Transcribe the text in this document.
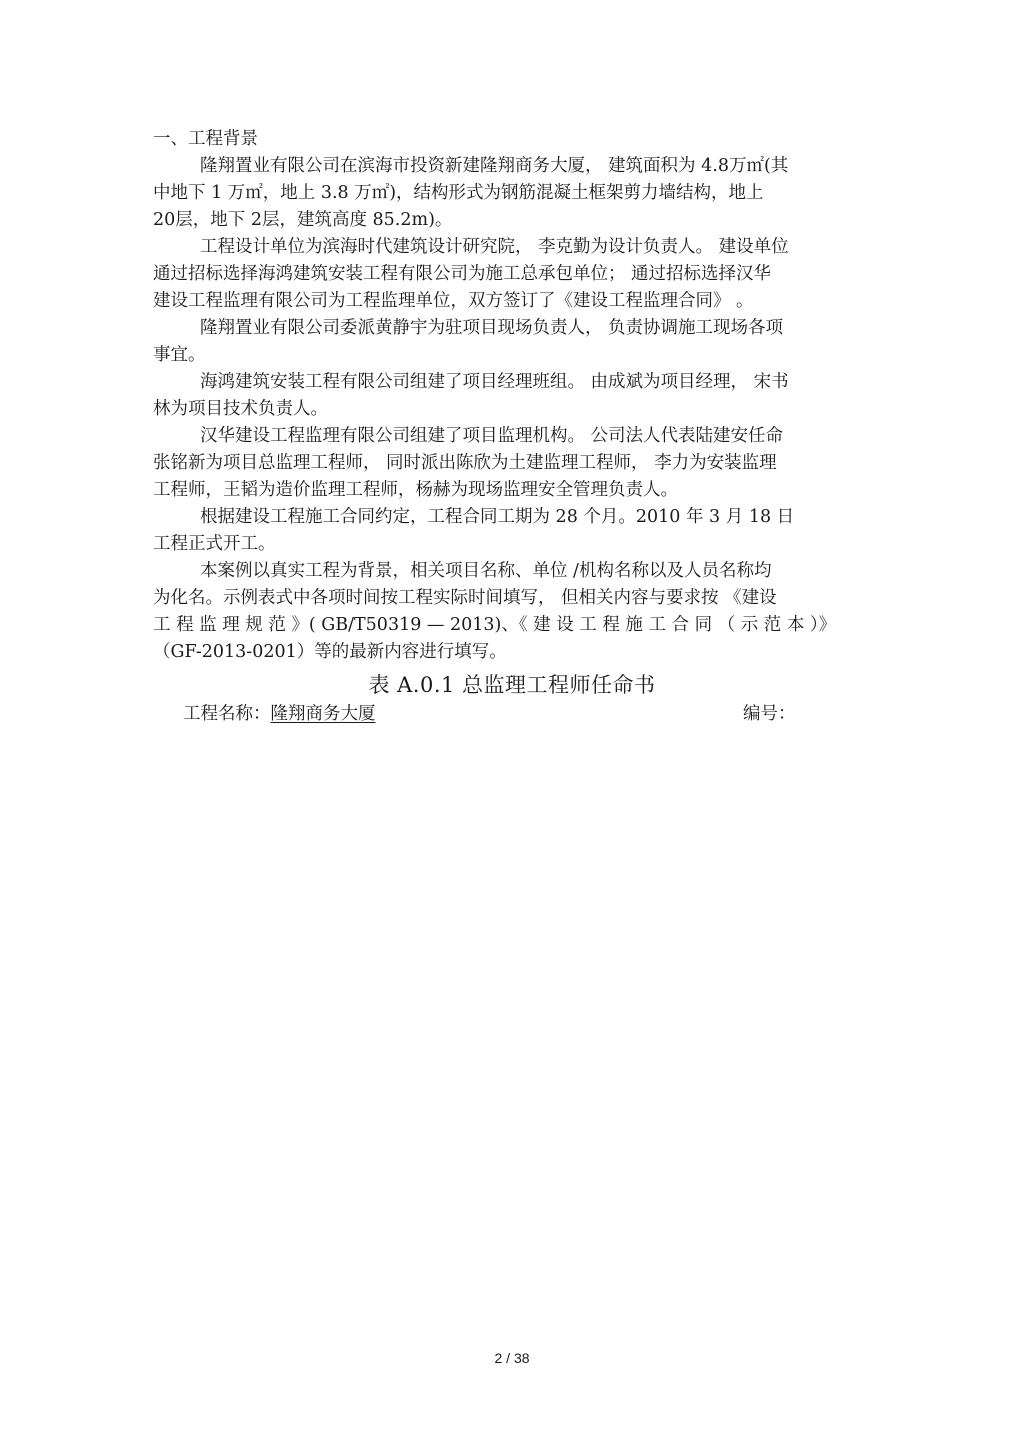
一、工程背景
隆翔置业有限公司在滨海市投资新建隆翔商务大厦， 建筑面积为 4.8万㎡(其
中地下 1 万㎡，地上 3.8 万㎡)，结构形式为钢筋混凝土框架剪力墙结构，地上
20层，地下 2层，建筑高度 85.2m)。
工程设计单位为滨海时代建筑设计研究院， 李克勤为设计负责人。 建设单位
通过招标选择海鸿建筑安装工程有限公司为施工总承包单位； 通过招标选择汉华
建设工程监理有限公司为工程监理单位，双方签订了《建设工程监理合同》 。
隆翔置业有限公司委派黄静宇为驻项目现场负责人， 负责协调施工现场各项
事宜。
海鸿建筑安装工程有限公司组建了项目经理班组。 由成斌为项目经理， 宋书
林为项目技术负责人。
汉华建设工程监理有限公司组建了项目监理机构。 公司法人代表陆建安任命
张铭新为项目总监理工程师， 同时派出陈欣为土建监理工程师， 李力为安装监理
工程师，王韬为造价监理工程师，杨赫为现场监理安全管理负责人。
根据建设工程施工合同约定，工程合同工期为 28 个月。2010 年 3 月 18 日
工程正式开工。
本案例以真实工程为背景，相关项目名称、单位 /机构名称以及人员名称均
为化名。示例表式中各项时间按工程实际时间填写， 但相关内容与要求按 《建设
工 程 监 理 规 范 》( GB/T50319 — 2013)、《 建 设 工 程 施 工 合 同 （ 示 范 本 ）》
（GF-2013-0201）等的最新内容进行填写。
表 A.0.1 总监理工程师任命书
工程名称：隆翔商务大厦	编号：
2 / 38
